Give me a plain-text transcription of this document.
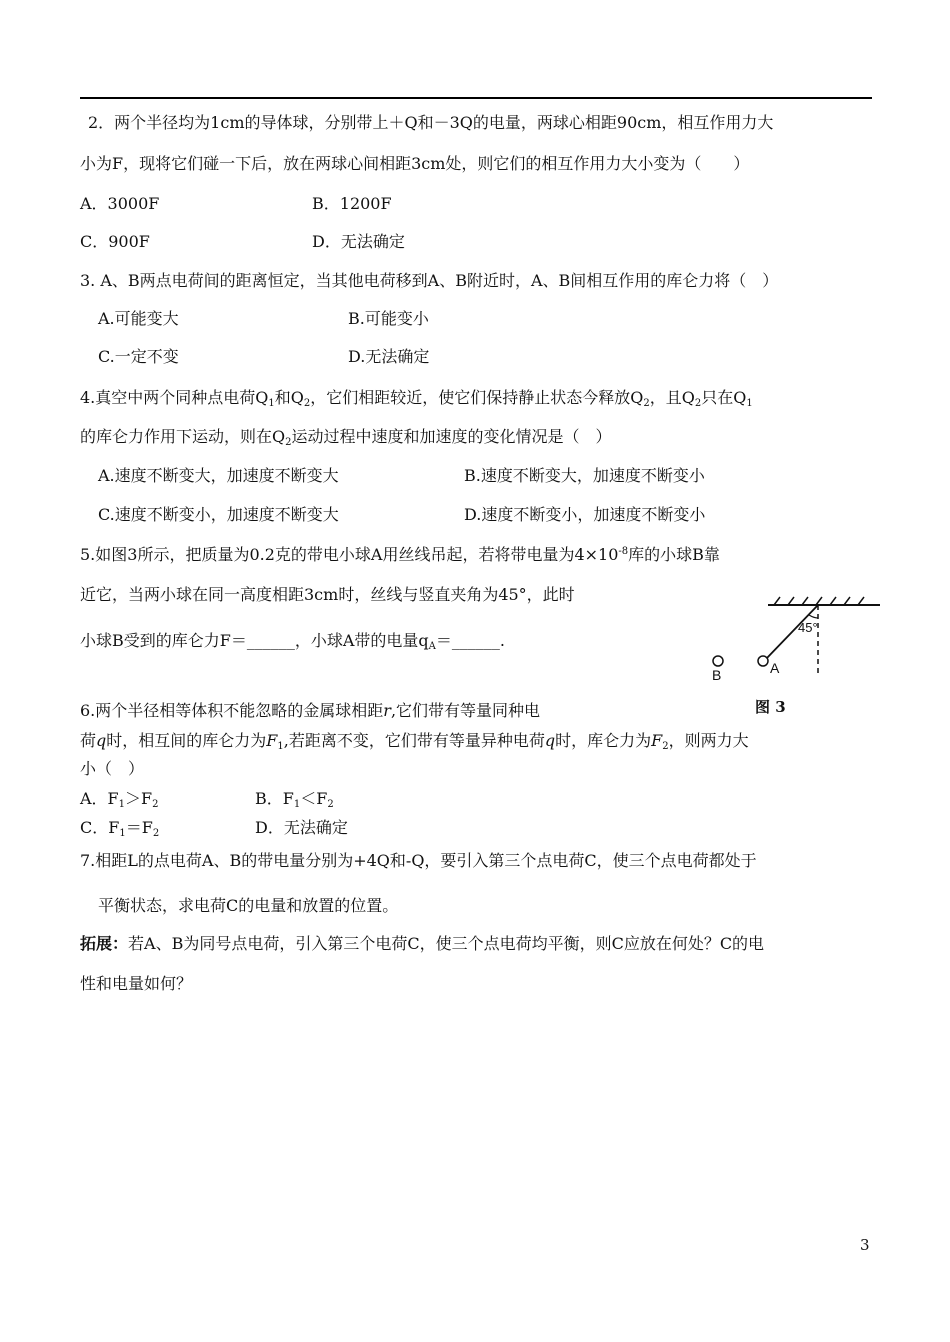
2．两个半径均为1cm的导体球，分别带上＋Q和－3Q的电量，两球心相距90cm，相互作用力大
小为F，现将它们碰一下后，放在两球心间相距3cm处，则它们的相互作用力大小变为（　　）
A．3000F	B．1200F
C．900F	D．无法确定
3. A、B两点电荷间的距离恒定，当其他电荷移到A、B附近时，A、B间相互作用的库仑力将（　）
A.可能变大	B.可能变小
C.一定不变	D.无法确定
4.真空中两个同种点电荷$Q_1$和$Q_2$，它们相距较近，使它们保持静止状态今释放$Q_2$，且$Q_2$只在$Q_1$
的库仑力作用下运动，则在$Q_2$运动过程中速度和加速度的变化情况是（　）
A.速度不断变大，加速度不断变大	B.速度不断变大，加速度不断变小
C.速度不断变小，加速度不断变大	D.速度不断变小，加速度不断变小
5.如图3所示，把质量为0.2克的带电小球A用丝线吊起，若将带电量为$4\times 10^{-8}$库的小球B靠
近它，当两小球在同一高度相距3cm时，丝线与竖直夹角为45°，此时
小球B受到的库仑力F＝______，小球A带的电量$q_A=\_\_\_\_\_\_$.
45°
A
B
图 3
6.两个半径相等体积不能忽略的金属球相距r,它们带有等量同种电
荷q时，相互间的库仑力为$F_1$,若距离不变，它们带有等量异种电荷q时，库仑力为$F_2$，则两力大
小（　）
A．$F_1>F_2$	B．$F_1<F_2$
C．$F_1=F_2$	D．无法确定
7.相距L的点电荷A、B的带电量分别为+4Q和-Q，要引入第三个点电荷C，使三个点电荷都处于
平衡状态，求电荷C的电量和放置的位置。
拓展：若A、B为同号点电荷，引入第三个电荷C，使三个点电荷均平衡，则C应放在何处？C的电
性和电量如何？
3
